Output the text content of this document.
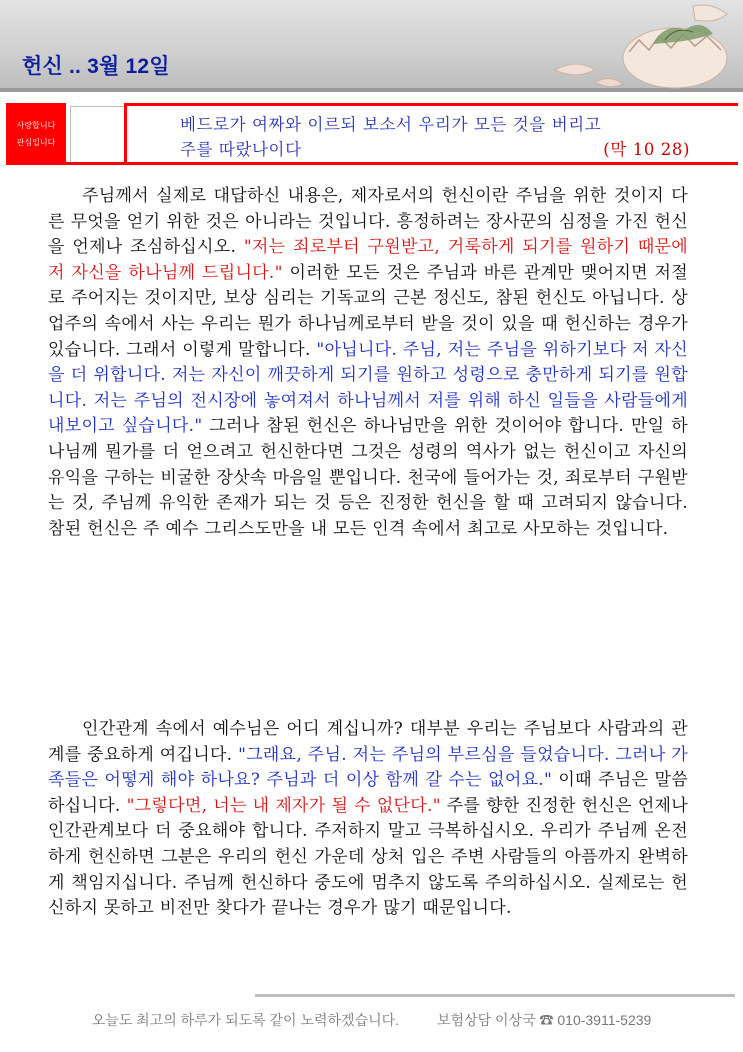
헌신 .. 3월 12일
사랑합니다
관심입니다
베드로가 여짜와 이르되 보소서 우리가 모든 것을 버리고
주를 따랐나이다	(막 10 28)
주님께서 실제로 대답하신 내용은, 제자로서의 헌신이란 주님을 위한 것이지 다른 무엇을 얻기 위한 것은 아니라는 것입니다. 흥정하려는 장사꾼의 심정을 가진 헌신을 언제나 조심하십시오. "저는 죄로부터 구원받고, 거룩하게 되기를 원하기 때문에 저 자신을 하나님께 드립니다." 이러한 모든 것은 주님과 바른 관계만 맺어지면 저절로 주어지는 것이지만, 보상 심리는 기독교의 근본 정신도, 참된 헌신도 아닙니다. 상업주의 속에서 사는 우리는 뭔가 하나님께로부터 받을 것이 있을 때 헌신하는 경우가 있습니다. 그래서 이렇게 말합니다. "아닙니다. 주님, 저는 주님을 위하기보다 저 자신을 더 위합니다. 저는 자신이 깨끗하게 되기를 원하고 성령으로 충만하게 되기를 원합니다. 저는 주님의 전시장에 놓여져서 하나님께서 저를 위해 하신 일들을 사람들에게 내보이고 싶습니다." 그러나 참된 헌신은 하나님만을 위한 것이어야 합니다. 만일 하나님께 뭔가를 더 얻으려고 헌신한다면 그것은 성령의 역사가 없는 헌신이고 자신의 유익을 구하는 비굴한 장삿속 마음일 뿐입니다. 천국에 들어가는 것, 죄로부터 구원받는 것, 주님께 유익한 존재가 되는 것 등은 진정한 헌신을 할 때 고려되지 않습니다. 참된 헌신은 주 예수 그리스도만을 내 모든 인격 속에서 최고로 사모하는 것입니다.
인간관계 속에서 예수님은 어디 계십니까? 대부분 우리는 주님보다 사람과의 관계를 중요하게 여깁니다. "그래요, 주님. 저는 주님의 부르심을 들었습니다. 그러나 가족들은 어떻게 해야 하나요? 주님과 더 이상 함께 갈 수는 없어요." 이때 주님은 말씀하십니다. "그렇다면, 너는 내 제자가 될 수 없단다." 주를 향한 진정한 헌신은 언제나 인간관계보다 더 중요해야 합니다. 주저하지 말고 극복하십시오. 우리가 주님께 온전하게 헌신하면 그분은 우리의 헌신 가운데 상처 입은 주변 사람들의 아픔까지 완벽하게 책임지십니다. 주님께 헌신하다 중도에 멈추지 않도록 주의하십시오. 실제로는 헌신하지 못하고 비전만 찾다가 끝나는 경우가 많기 때문입니다.
오늘도 최고의 하루가 되도록 같이 노력하겠습니다.	보험상담 이상국 ☎ 010-3911-5239
